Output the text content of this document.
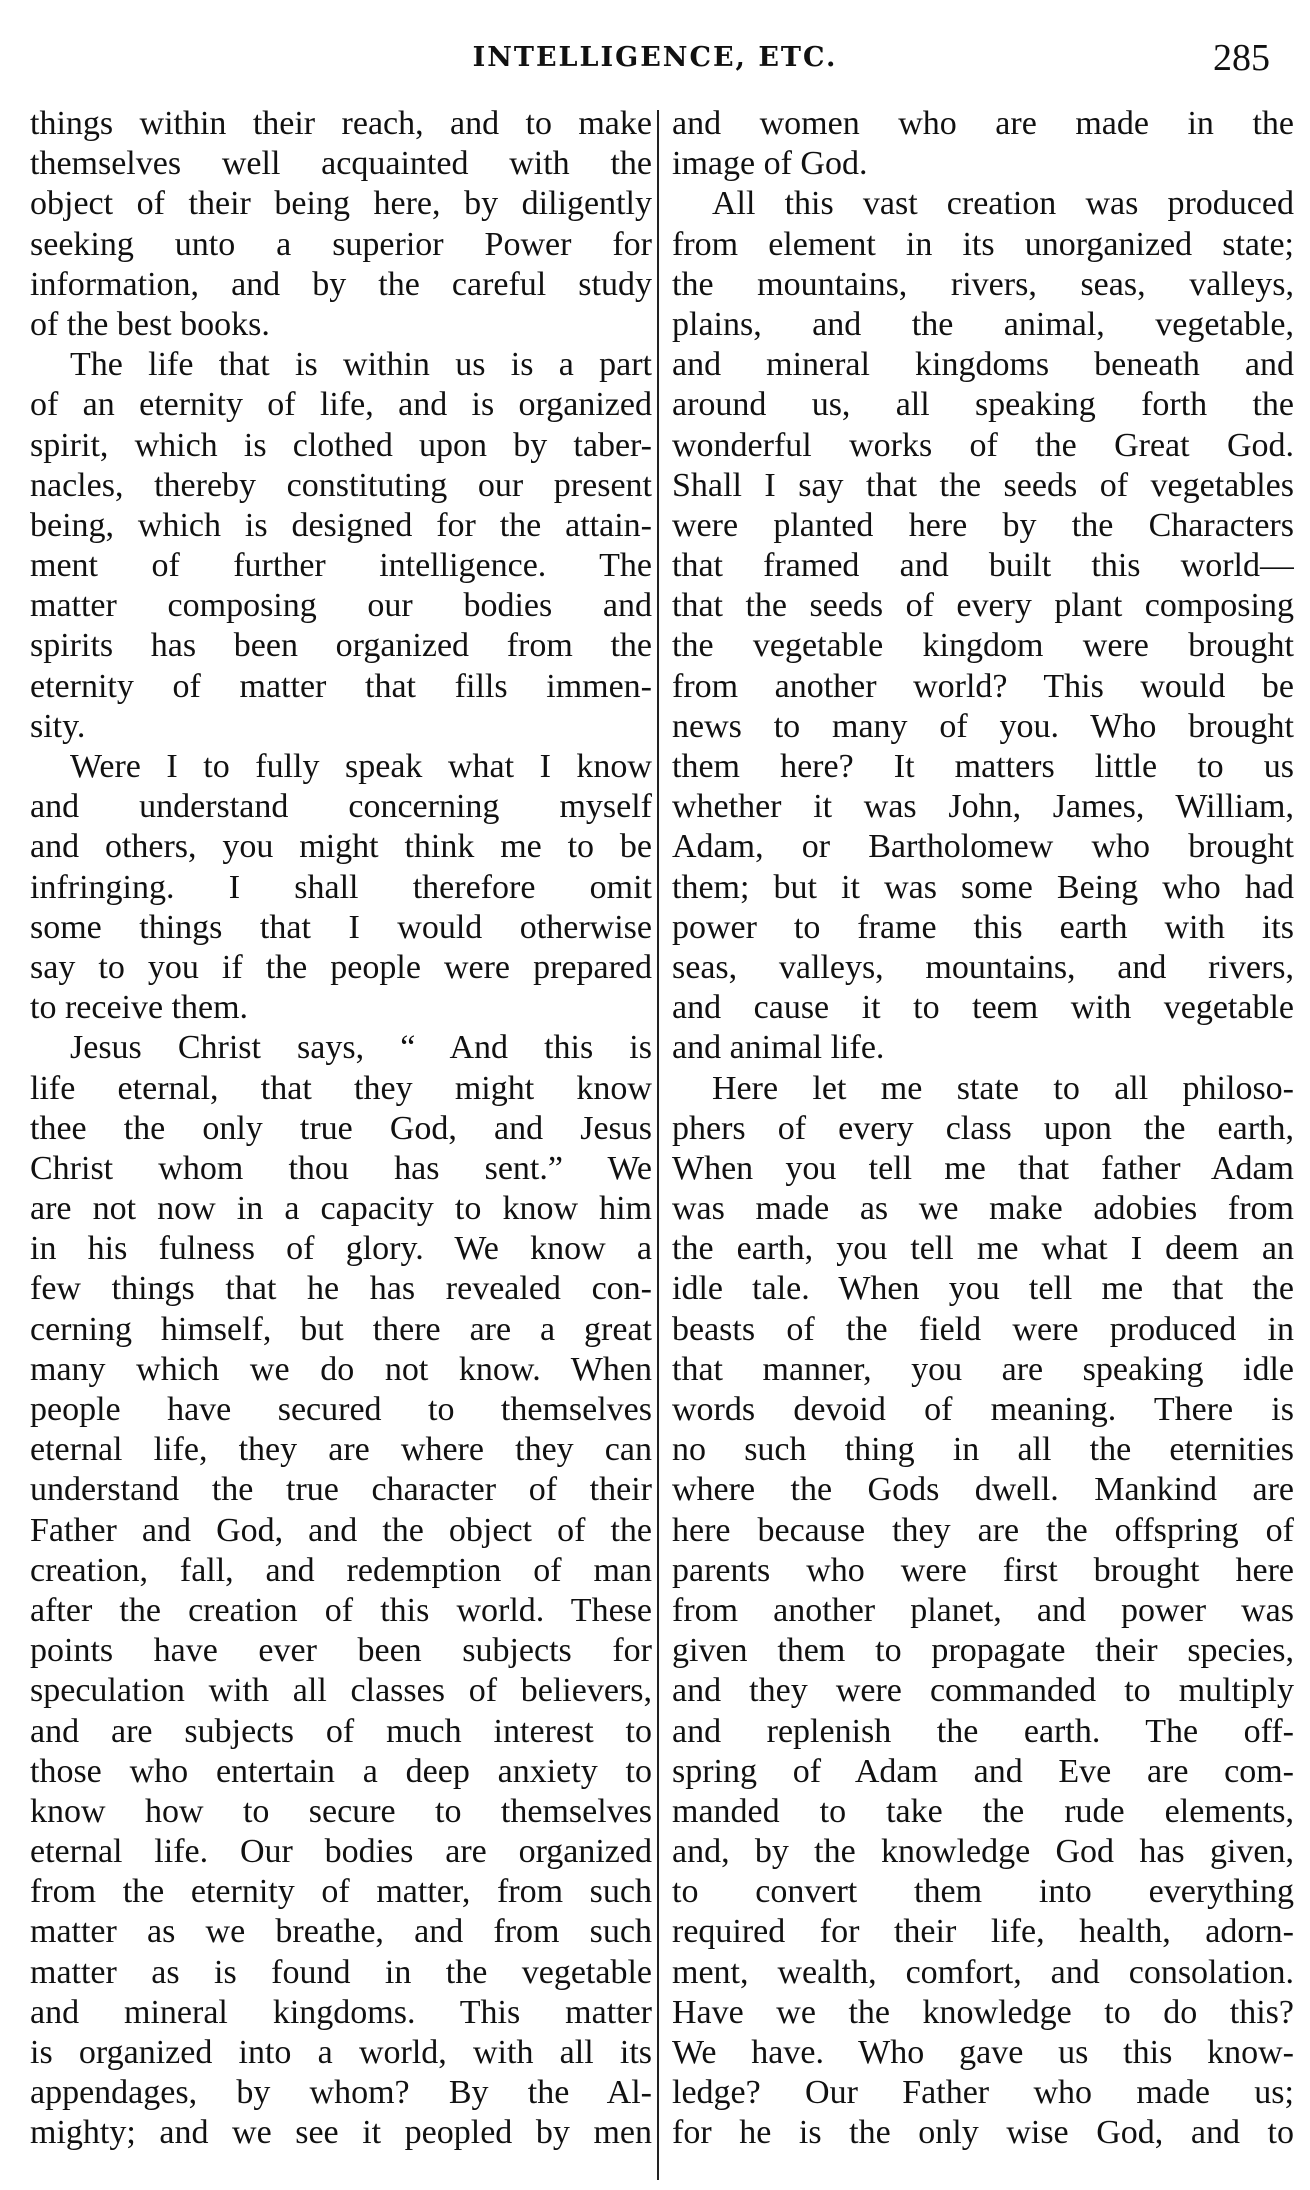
INTELLIGENCE, ETC.	285
things within their reach, and to make
themselves well acquainted with the
object of their being here, by diligently
seeking unto a superior Power for
information, and by the careful study
of the best books.
The life that is within us is a part
of an eternity of life, and is organized
spirit, which is clothed upon by taber-
nacles, thereby constituting our present
being, which is designed for the attain-
ment of further intelligence. The
matter composing our bodies and
spirits has been organized from the
eternity of matter that fills immen-
sity.
Were I to fully speak what I know
and understand concerning myself
and others, you might think me to be
infringing. I shall therefore omit
some things that I would otherwise
say to you if the people were prepared
to receive them.
Jesus Christ says, “ And this is
life eternal, that they might know
thee the only true God, and Jesus
Christ whom thou has sent.” We
are not now in a capacity to know him
in his fulness of glory. We know a
few things that he has revealed con-
cerning himself, but there are a great
many which we do not know. When
people have secured to themselves
eternal life, they are where they can
understand the true character of their
Father and God, and the object of the
creation, fall, and redemption of man
after the creation of this world. These
points have ever been subjects for
speculation with all classes of believers,
and are subjects of much interest to
those who entertain a deep anxiety to
know how to secure to themselves
eternal life. Our bodies are organized
from the eternity of matter, from such
matter as we breathe, and from such
matter as is found in the vegetable
and mineral kingdoms. This matter
is organized into a world, with all its
appendages, by whom? By the Al-
mighty; and we see it peopled by men
and women who are made in the
image of God.
All this vast creation was produced
from element in its unorganized state;
the mountains, rivers, seas, valleys,
plains, and the animal, vegetable,
and mineral kingdoms beneath and
around us, all speaking forth the
wonderful works of the Great God.
Shall I say that the seeds of vegetables
were planted here by the Characters
that framed and built this world—
that the seeds of every plant composing
the vegetable kingdom were brought
from another world? This would be
news to many of you. Who brought
them here? It matters little to us
whether it was John, James, William,
Adam, or Bartholomew who brought
them; but it was some Being who had
power to frame this earth with its
seas, valleys, mountains, and rivers,
and cause it to teem with vegetable
and animal life.
Here let me state to all philoso-
phers of every class upon the earth,
When you tell me that father Adam
was made as we make adobies from
the earth, you tell me what I deem an
idle tale. When you tell me that the
beasts of the field were produced in
that manner, you are speaking idle
words devoid of meaning. There is
no such thing in all the eternities
where the Gods dwell. Mankind are
here because they are the offspring of
parents who were first brought here
from another planet, and power was
given them to propagate their species,
and they were commanded to multiply
and replenish the earth. The off-
spring of Adam and Eve are com-
manded to take the rude elements,
and, by the knowledge God has given,
to convert them into everything
required for their life, health, adorn-
ment, wealth, comfort, and consolation.
Have we the knowledge to do this?
We have. Who gave us this know-
ledge? Our Father who made us;
for he is the only wise God, and to
